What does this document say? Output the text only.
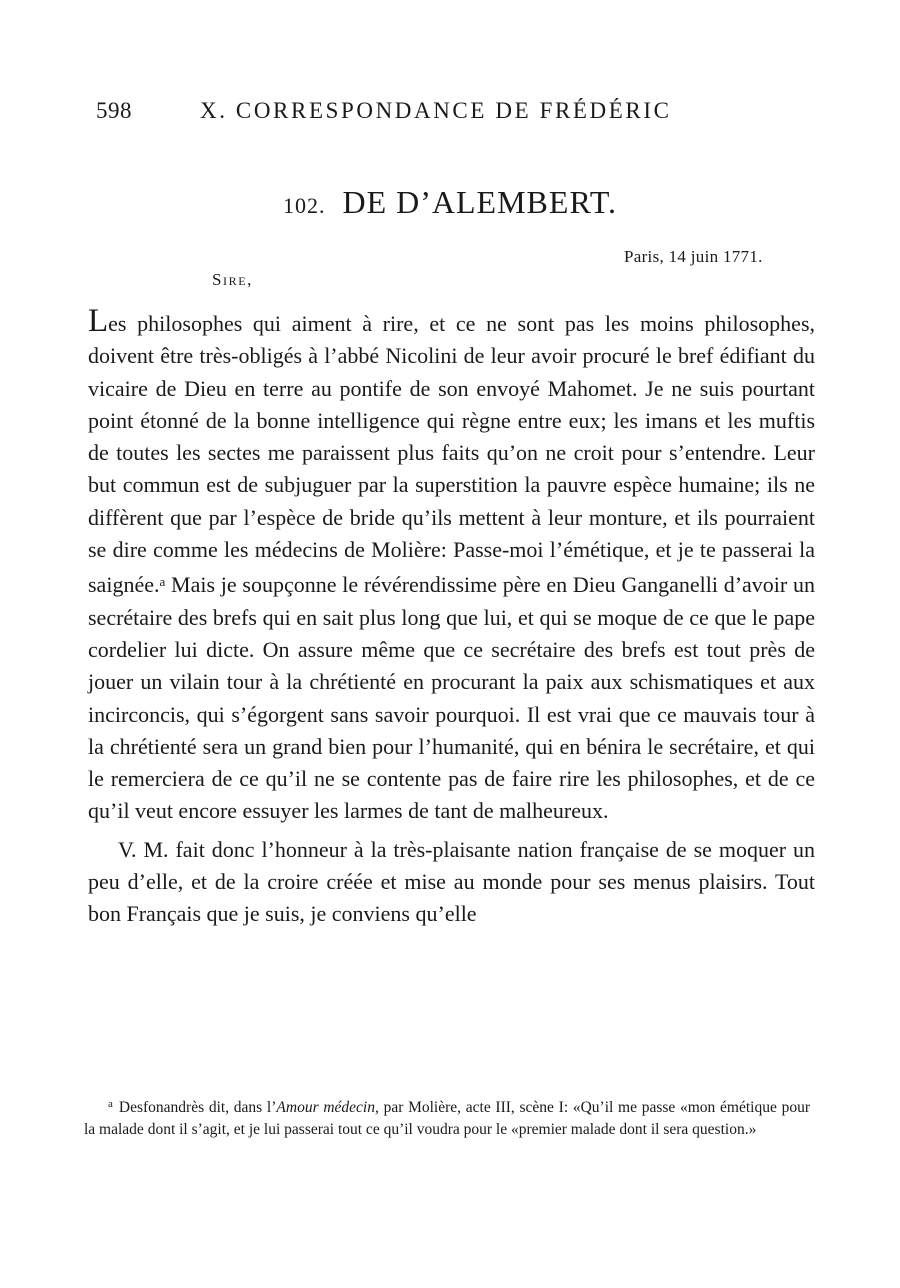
598	X. CORRESPONDANCE DE FRÉDÉRIC
102. DE D’ALEMBERT.
Paris, 14 juin 1771.
Sire,

Les philosophes qui aiment à rire, et ce ne sont pas les moins philosophes, doivent être très-obligés à l’abbé Nicolini de leur avoir procuré le bref édifiant du vicaire de Dieu en terre au pontife de son envoyé Mahomet. Je ne suis pourtant point étonné de la bonne intelligence qui règne entre eux; les imans et les muftis de toutes les sectes me paraissent plus faits qu’on ne croit pour s’entendre. Leur but commun est de subjuguer par la superstition la pauvre espèce humaine; ils ne diffèrent que par l’espèce de bride qu’ils mettent à leur monture, et ils pourraient se dire comme les médecins de Molière: Passe-moi l’émétique, et je te passerai la saignée.$^a$ Mais je soupçonne le révérendissime père en Dieu Ganganelli d’avoir un secrétaire des brefs qui en sait plus long que lui, et qui se moque de ce que le pape cordelier lui dicte. On assure même que ce secrétaire des brefs est tout près de jouer un vilain tour à la chrétienté en procurant la paix aux schismatiques et aux incirconcis, qui s’égorgent sans savoir pourquoi. Il est vrai que ce mauvais tour à la chrétienté sera un grand bien pour l’humanité, qui en bénira le secrétaire, et qui le remerciera de ce qu’il ne se contente pas de faire rire les philosophes, et de ce qu’il veut encore essuyer les larmes de tant de malheureux.

V. M. fait donc l’honneur à la très-plaisante nation française de se moquer un peu d’elle, et de la croire créée et mise au monde pour ses menus plaisirs. Tout bon Français que je suis, je conviens qu’elle

$^a$ Desfonandrès dit, dans l’Amour médecin, par Molière, acte III, scène I: «Qu’il me passe «mon émétique pour la malade dont il s’agit, et je lui passerai tout ce qu’il voudra pour le «premier malade dont il sera question.»
